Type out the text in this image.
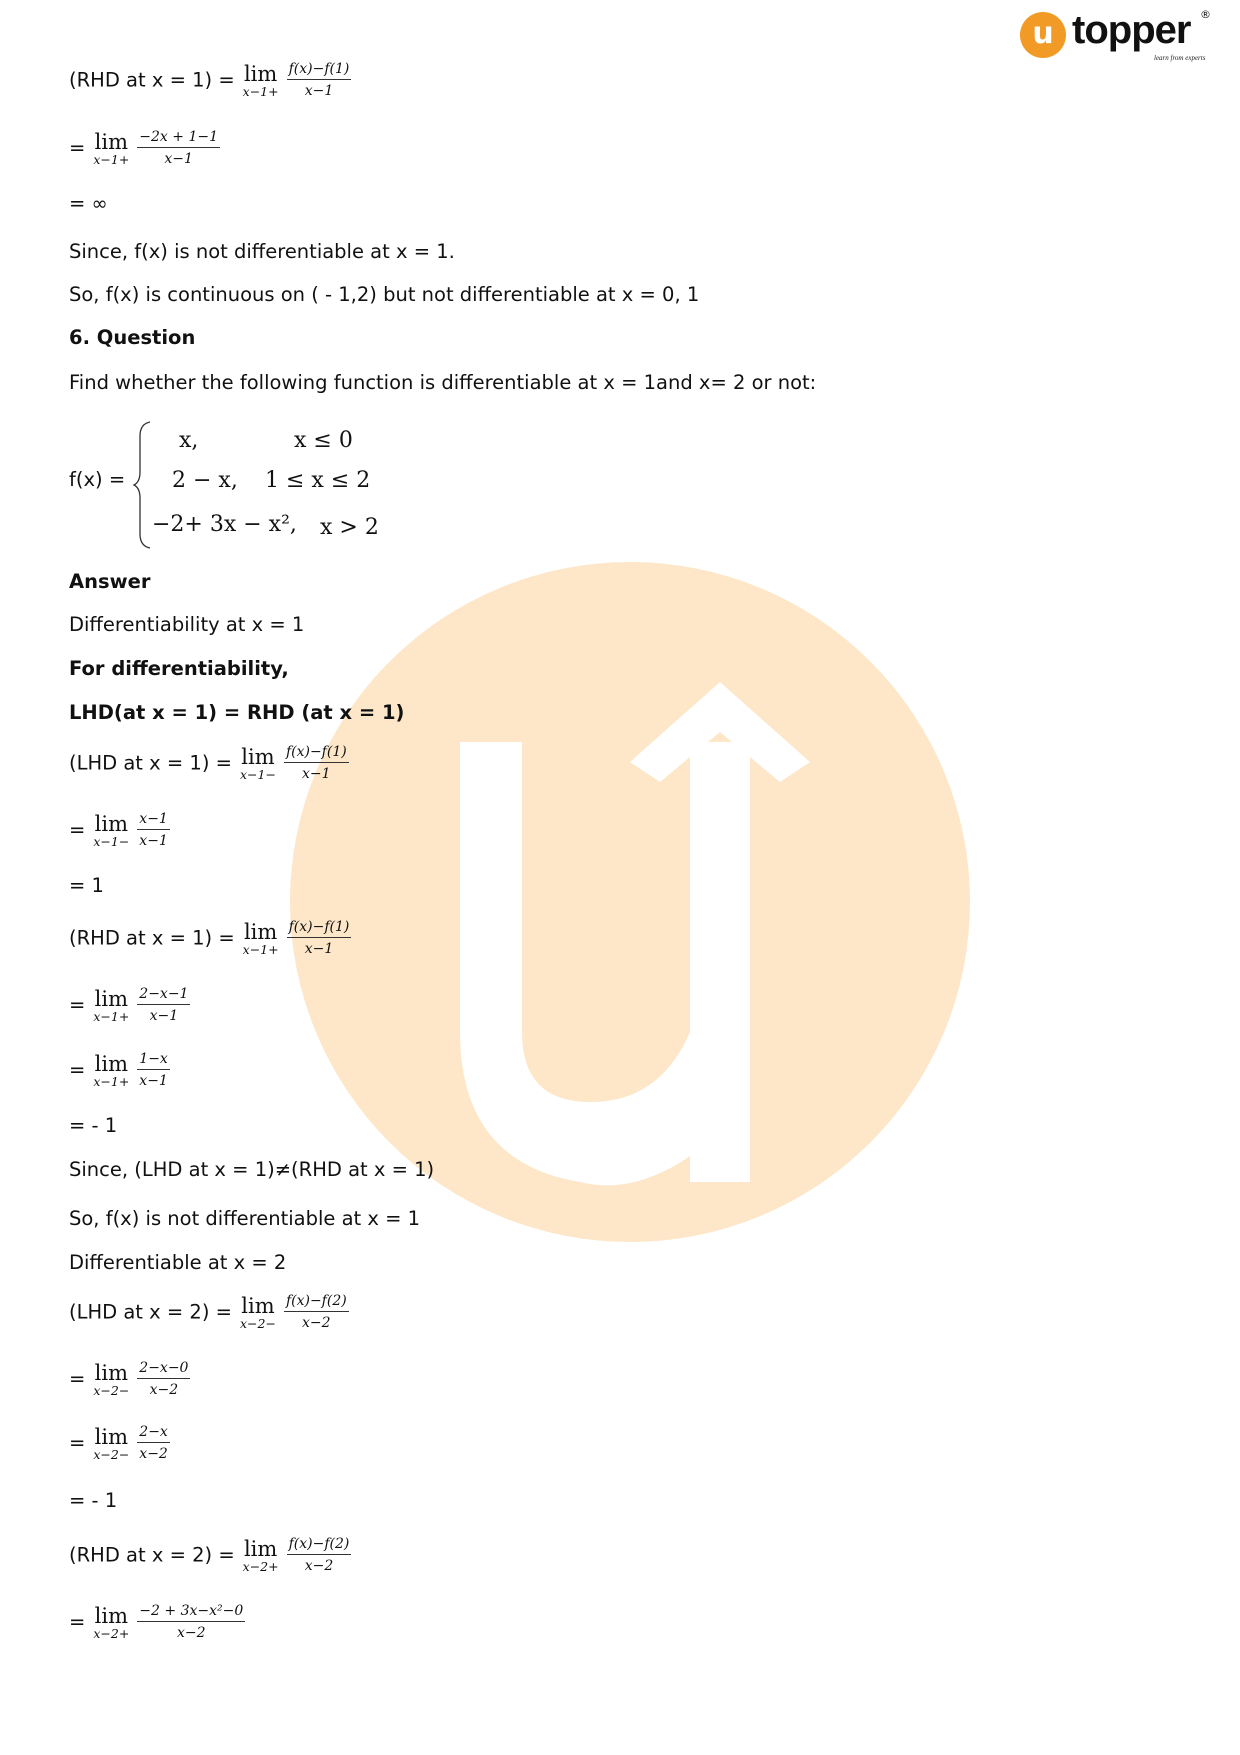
u topper ®
learn from experts
(RHD at x = 1) = lim
$x-1+ \frac{f(x)-f(1)}{x-1}$
= lim
$x-1+ \frac{-2x + 1-1}{x-1}$
= ∞
Since, f(x) is not differentiable at x = 1.
So, f(x) is continuous on ( - 1,2) but not differentiable at x = 0, 1
6. Question
Find whether the following function is differentiable at x = 1and x= 2 or not:
f(x) =
x,	x ≤ 0
2 − x, 1 ≤ x ≤ 2
−2+ 3x − x², x > 2
Answer
Differentiability at x = 1
For differentiability,
LHD(at x = 1) = RHD (at x = 1)
(LHD at x = 1) = lim
$x-1- \frac{f(x)-f(1)}{x-1}$
= lim
$x-1- \frac{x-1}{x-1}$
= 1
(RHD at x = 1) = lim
$x-1+ \frac{f(x)-f(1)}{x-1}$
= lim
$x-1+ \frac{2-x-1}{x-1}$
= lim
$x-1+ \frac{1-x}{x-1}$
= - 1
Since, (LHD at x = 1)≠(RHD at x = 1)
So, f(x) is not differentiable at x = 1
Differentiable at x = 2
(LHD at x = 2) = lim
$x-2- \frac{f(x)-f(2)}{x-2}$
= lim
$x-2- \frac{2-x-0}{x-2}$
= lim
$x-2- \frac{2-x}{x-2}$
= - 1
(RHD at x = 2) = lim
$x-2+ \frac{f(x)-f(2)}{x-2}$
= lim
$x-2+ \frac{\text{−2 + 3x−x²−0}}{x-2}$
